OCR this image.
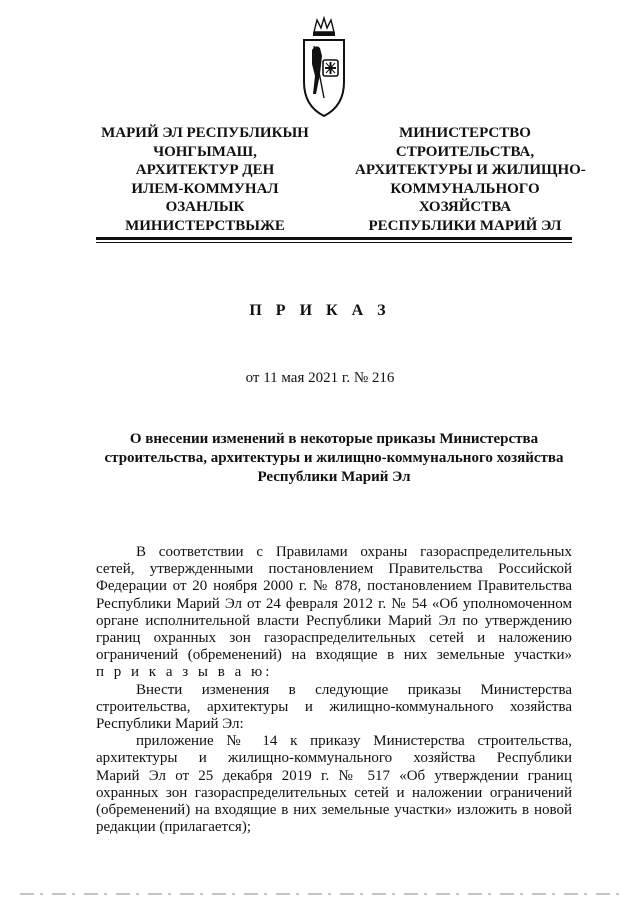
МАРИЙ ЭЛ РЕСПУБЛИКЫН
ЧОНГЫМАШ,
АРХИТЕКТУР ДЕН
ИЛЕМ-КОММУНАЛ
ОЗАНЛЫК
МИНИСТЕРСТВЫЖЕ
МИНИСТЕРСТВО
СТРОИТЕЛЬСТВА,
АРХИТЕКТУРЫ И ЖИЛИЩНО-
КОММУНАЛЬНОГО
ХОЗЯЙСТВА
РЕСПУБЛИКИ МАРИЙ ЭЛ
П Р И К А З
от 11 мая 2021 г. № 216
О внесении изменений в некоторые приказы Министерства
строительства, архитектуры и жилищно-коммунального хозяйства
Республики Марий Эл
В соответствии с Правилами охраны газораспределительных
сетей, утвержденными постановлением Правительства Российской
Федерации от 20 ноября 2000 г. № 878, постановлением Правительства
Республики Марий Эл от 24 февраля 2012 г. № 54 «Об уполномоченном
органе исполнительной власти Республики Марий Эл по утверждению
границ охранных зон газораспределительных сетей и наложению
ограничений (обременений) на входящие в них земельные участки»
п р и к а з ы в а ю:
Внести изменения в следующие приказы Министерства
строительства, архитектуры и жилищно-коммунального хозяйства
Республики Марий Эл:
приложение № 14 к приказу Министерства строительства,
архитектуры и жилищно-коммунального хозяйства Республики
Марий Эл от 25 декабря 2019 г. № 517 «Об утверждении границ
охранных зон газораспределительных сетей и наложении ограничений
(обременений) на входящие в них земельные участки» изложить в новой
редакции (прилагается);
